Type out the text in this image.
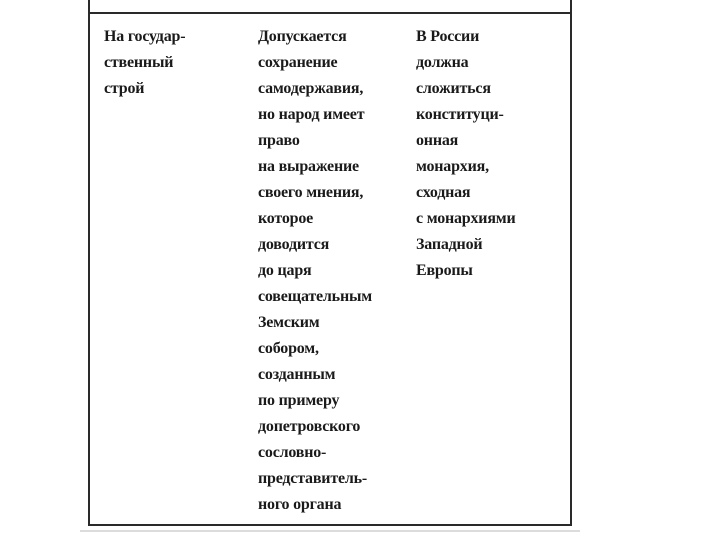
На государ-
ственный
строй
Допускается
сохранение
самодержавия,
но народ имеет
право
на выражение
своего мнения,
которое
доводится
до царя
совещательным
Земским
собором,
созданным
по примеру
допетровского
сословно-
представитель-
ного органа
В России
должна
сложиться
конституци-
онная
монархия,
сходная
с монархиями
Западной
Европы
